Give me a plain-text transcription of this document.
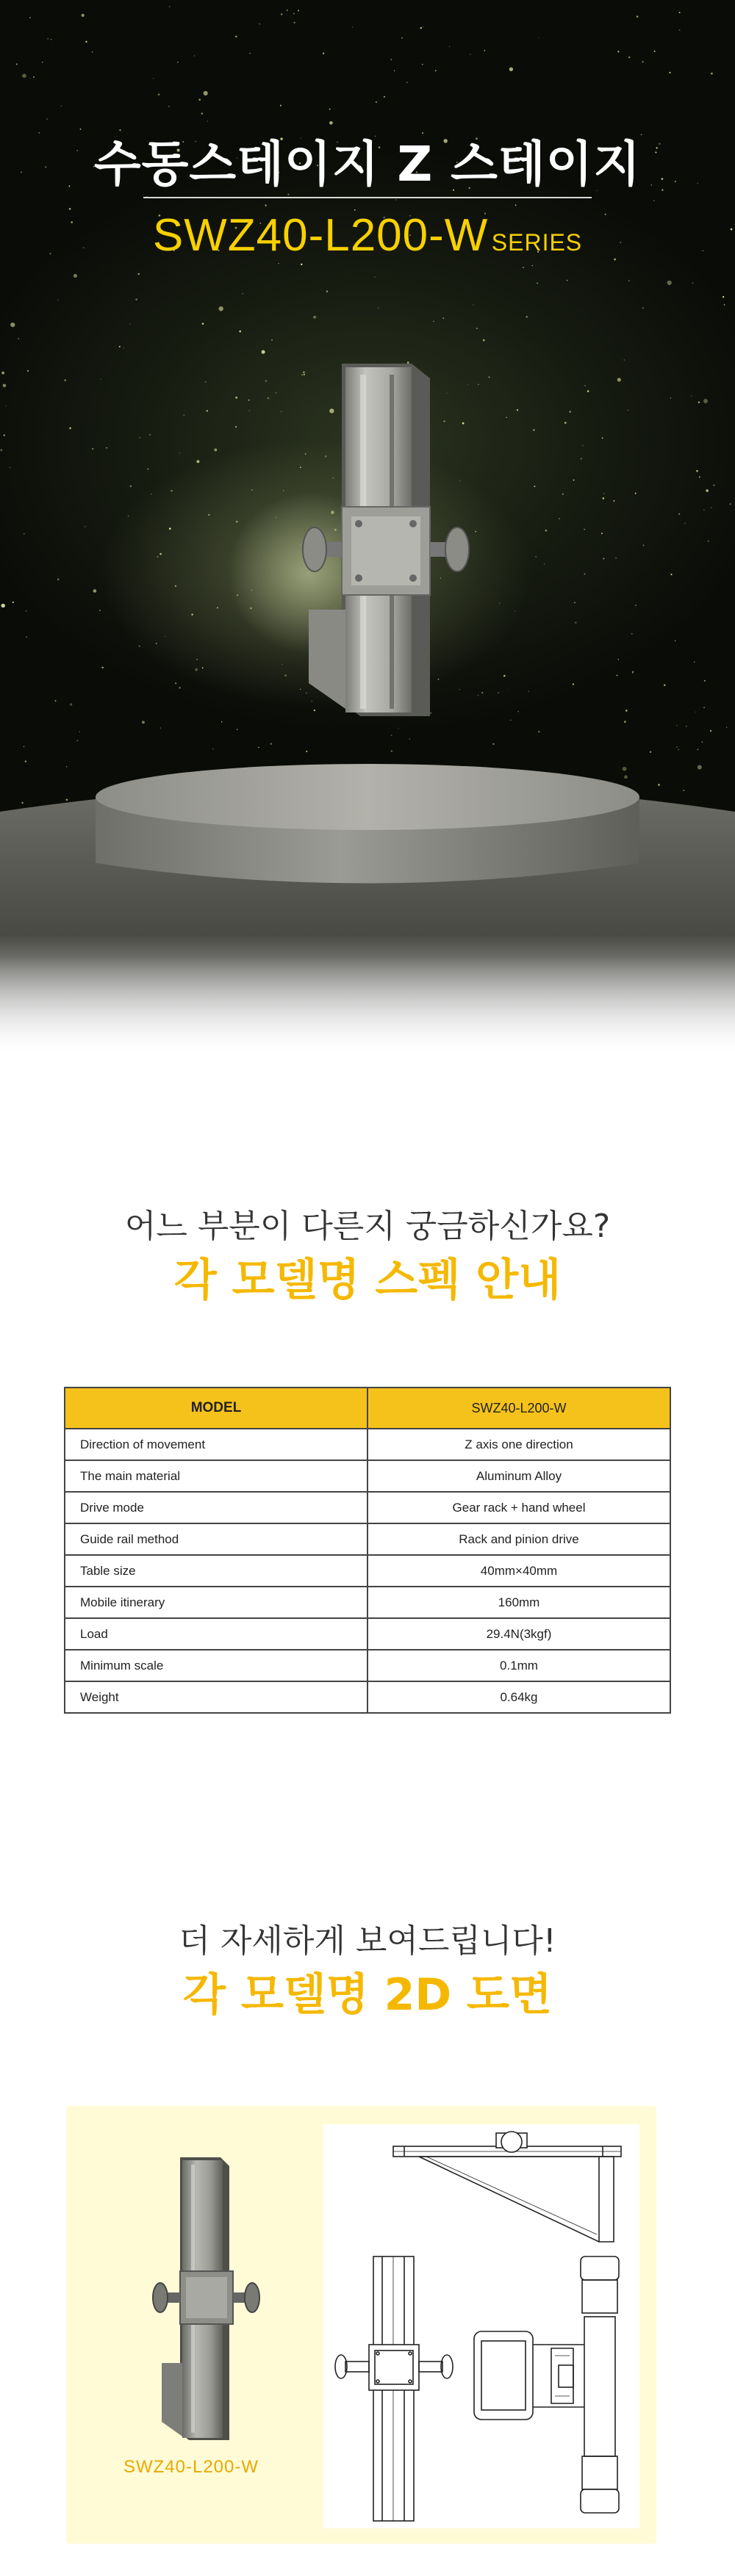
수동스테이지 Z 스테이지
SWZ40-L200-W SERIES
어느 부분이 다른지 궁금하신가요?
각 모델명 스펙 안내
MODEL	SWZ40-L200-W
Direction of movement	Z axis one direction
The main material	Aluminum Alloy
Drive mode	Gear rack + hand wheel
Guide rail method	Rack and pinion drive
Table size	40mm×40mm
Mobile itinerary	160mm
Load	29.4N(3kgf)
Minimum scale	0.1mm
Weight	0.64kg
더 자세하게 보여드립니다!
각 모델명 2D 도면
SWZ40-L200-W
